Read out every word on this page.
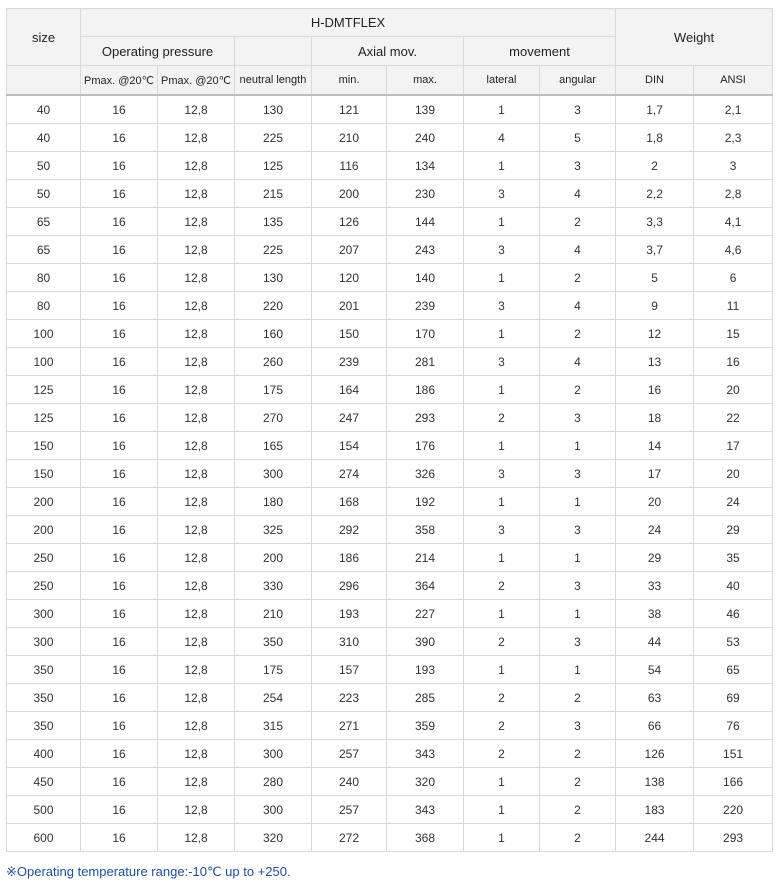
size	H-DMTFLEX							Weight	
	Operating pressure			Axial mov.		movement			
	Pmax. @20℃	Pmax. @20℃	neutral length	min.	max.	lateral	angular	DIN	ANSI
40	16	12,8	130	121	139	1	3	1,7	2,1
40	16	12,8	225	210	240	4	5	1,8	2,3
50	16	12,8	125	116	134	1	3	2	3
50	16	12,8	215	200	230	3	4	2,2	2,8
65	16	12,8	135	126	144	1	2	3,3	4,1
65	16	12,8	225	207	243	3	4	3,7	4,6
80	16	12,8	130	120	140	1	2	5	6
80	16	12,8	220	201	239	3	4	9	11
100	16	12,8	160	150	170	1	2	12	15
100	16	12,8	260	239	281	3	4	13	16
125	16	12,8	175	164	186	1	2	16	20
125	16	12,8	270	247	293	2	3	18	22
150	16	12,8	165	154	176	1	1	14	17
150	16	12,8	300	274	326	3	3	17	20
200	16	12,8	180	168	192	1	1	20	24
200	16	12,8	325	292	358	3	3	24	29
250	16	12,8	200	186	214	1	1	29	35
250	16	12,8	330	296	364	2	3	33	40
300	16	12,8	210	193	227	1	1	38	46
300	16	12,8	350	310	390	2	3	44	53
350	16	12,8	175	157	193	1	1	54	65
350	16	12,8	254	223	285	2	2	63	69
350	16	12,8	315	271	359	2	3	66	76
400	16	12,8	300	257	343	2	2	126	151
450	16	12,8	280	240	320	1	2	138	166
500	16	12,8	300	257	343	1	2	183	220
600	16	12,8	320	272	368	1	2	244	293
※Operating temperature range:-10℃ up to +250.
